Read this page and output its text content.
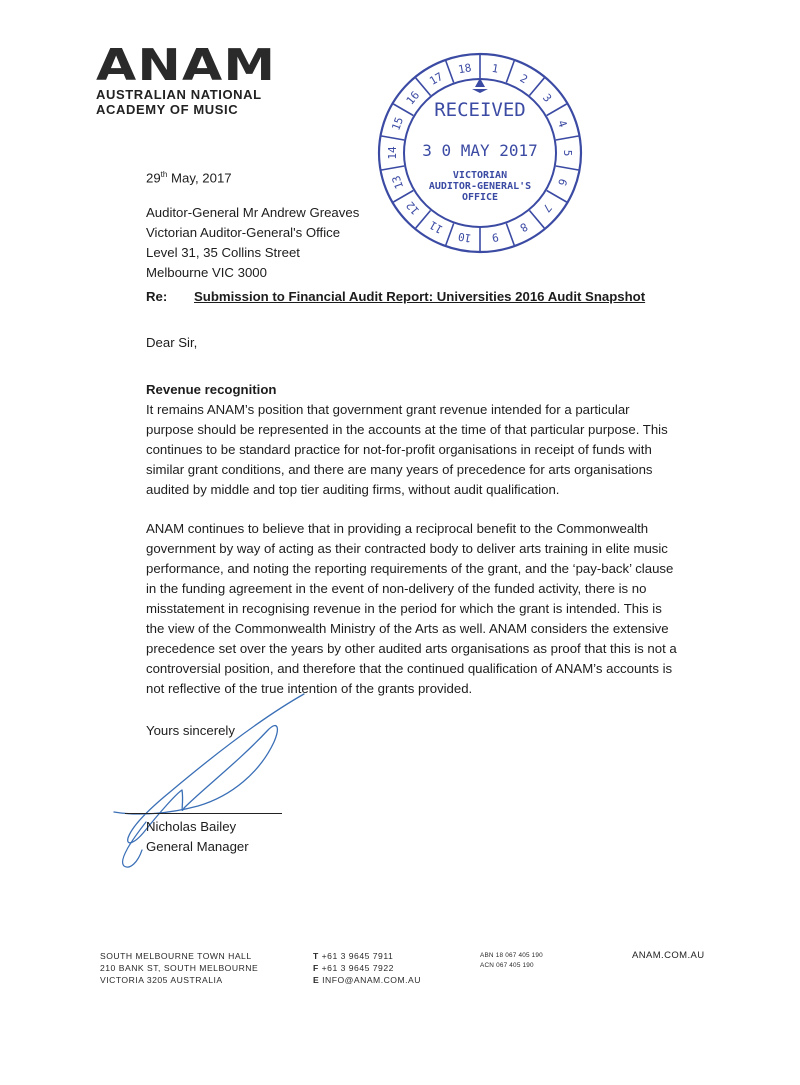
ANAM
AUSTRALIAN NATIONAL
ACADEMY OF MUSIC
1
2
3
4
5
6
7
8
9
10
11
12
13
14
15
16
17
18
RECEIVED
3 0 MAY 2017
VICTORIAN
AUDITOR-GENERAL'S
OFFICE
29th May, 2017
Auditor-General Mr Andrew Greaves
Victorian Auditor-General's Office
Level 31, 35 Collins Street
Melbourne VIC 3000
Re: Submission to Financial Audit Report: Universities 2016 Audit Snapshot
Dear Sir,
Revenue recognition
It remains ANAM’s position that government grant revenue intended for a particular
purpose should be represented in the accounts at the time of that particular purpose. This
continues to be standard practice for not-for-profit organisations in receipt of funds with
similar grant conditions, and there are many years of precedence for arts organisations
audited by middle and top tier auditing firms, without audit qualification.
ANAM continues to believe that in providing a reciprocal benefit to the Commonwealth
government by way of acting as their contracted body to deliver arts training in elite music
performance, and noting the reporting requirements of the grant, and the ‘pay-back’ clause
in the funding agreement in the event of non-delivery of the funded activity, there is no
misstatement in recognising revenue in the period for which the grant is intended. This is
the view of the Commonwealth Ministry of the Arts as well. ANAM considers the extensive
precedence set over the years by other audited arts organisations as proof that this is not a
controversial position, and therefore that the continued qualification of ANAM’s accounts is
not reflective of the true intention of the grants provided.
Yours sincerely
Nicholas Bailey
General Manager
SOUTH MELBOURNE TOWN HALL
210 BANK ST, SOUTH MELBOURNE
VICTORIA 3205 AUSTRALIA
T +61 3 9645 7911
F +61 3 9645 7922
E INFO@ANAM.COM.AU
ABN 18 067 405 190
ACN 067 405 190
ANAM.COM.AU
